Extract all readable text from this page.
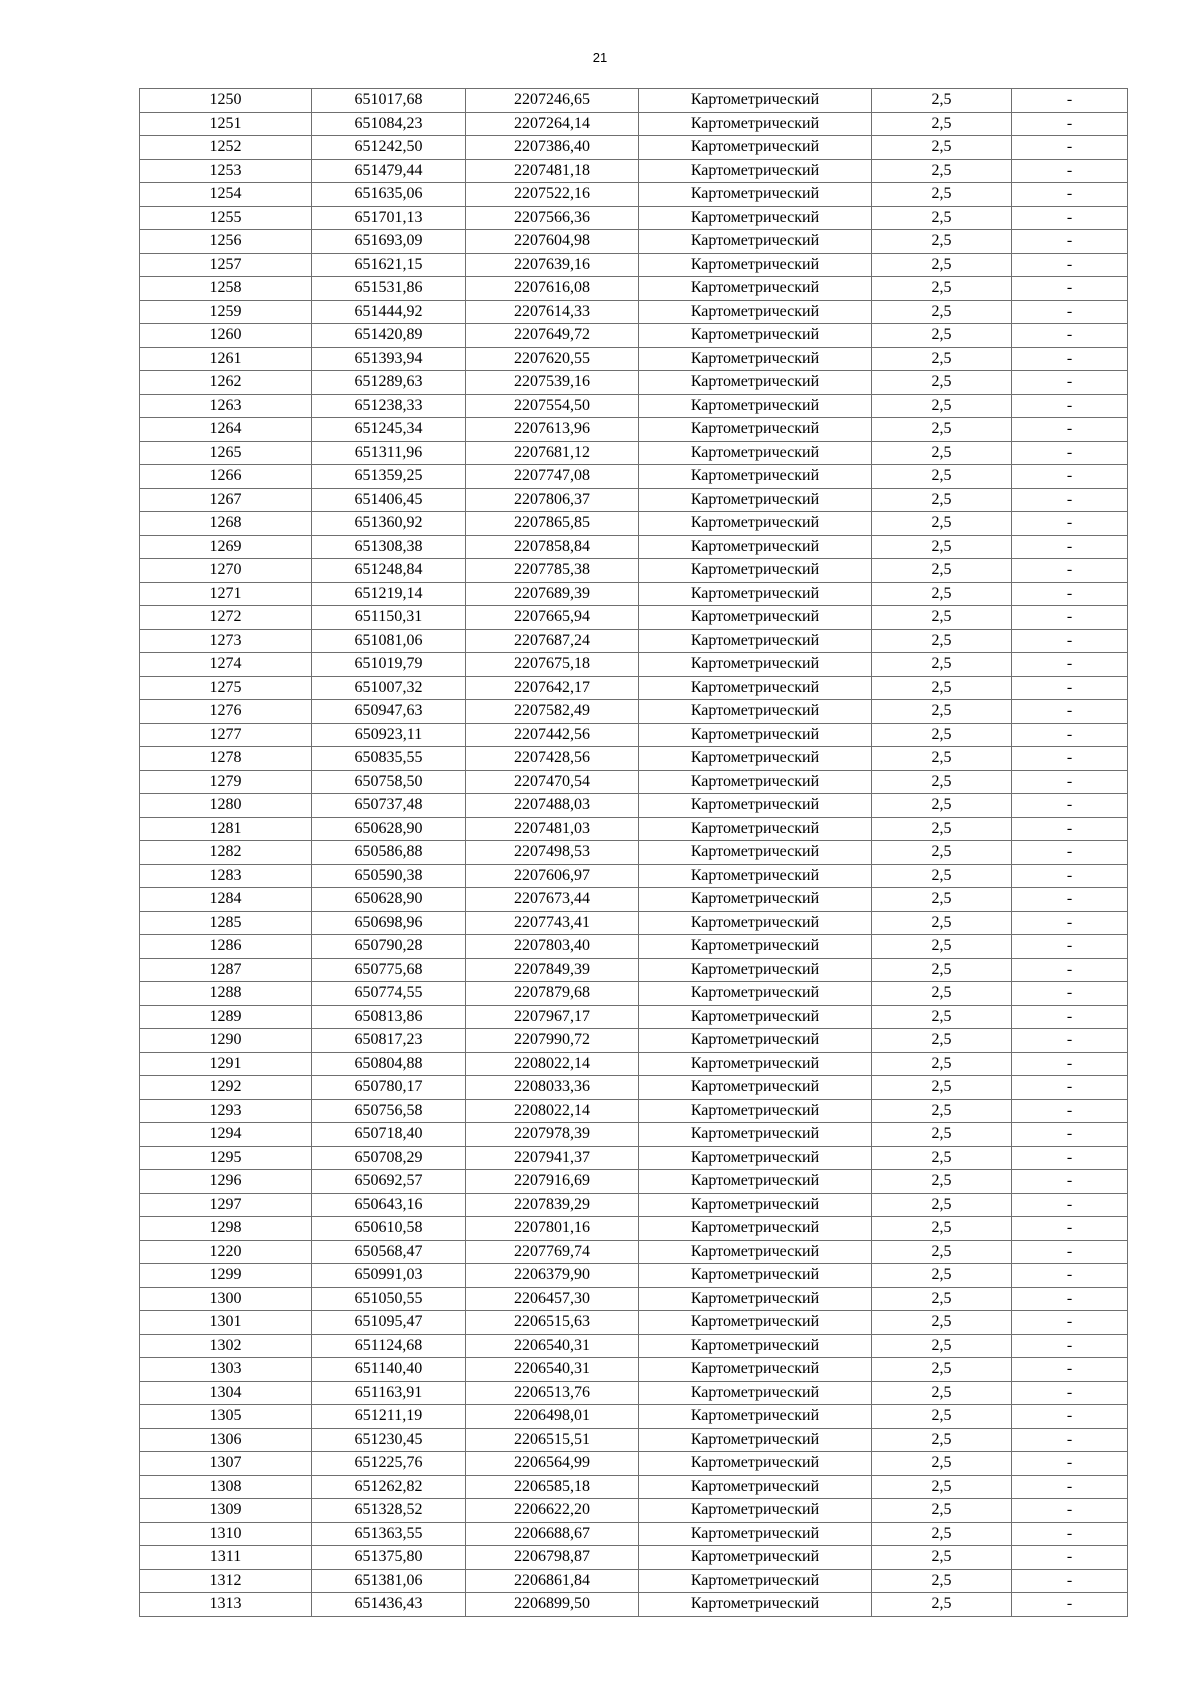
21
1250	651017,68	2207246,65	Картометрический	2,5	-
1251	651084,23	2207264,14	Картометрический	2,5	-
1252	651242,50	2207386,40	Картометрический	2,5	-
1253	651479,44	2207481,18	Картометрический	2,5	-
1254	651635,06	2207522,16	Картометрический	2,5	-
1255	651701,13	2207566,36	Картометрический	2,5	-
1256	651693,09	2207604,98	Картометрический	2,5	-
1257	651621,15	2207639,16	Картометрический	2,5	-
1258	651531,86	2207616,08	Картометрический	2,5	-
1259	651444,92	2207614,33	Картометрический	2,5	-
1260	651420,89	2207649,72	Картометрический	2,5	-
1261	651393,94	2207620,55	Картометрический	2,5	-
1262	651289,63	2207539,16	Картометрический	2,5	-
1263	651238,33	2207554,50	Картометрический	2,5	-
1264	651245,34	2207613,96	Картометрический	2,5	-
1265	651311,96	2207681,12	Картометрический	2,5	-
1266	651359,25	2207747,08	Картометрический	2,5	-
1267	651406,45	2207806,37	Картометрический	2,5	-
1268	651360,92	2207865,85	Картометрический	2,5	-
1269	651308,38	2207858,84	Картометрический	2,5	-
1270	651248,84	2207785,38	Картометрический	2,5	-
1271	651219,14	2207689,39	Картометрический	2,5	-
1272	651150,31	2207665,94	Картометрический	2,5	-
1273	651081,06	2207687,24	Картометрический	2,5	-
1274	651019,79	2207675,18	Картометрический	2,5	-
1275	651007,32	2207642,17	Картометрический	2,5	-
1276	650947,63	2207582,49	Картометрический	2,5	-
1277	650923,11	2207442,56	Картометрический	2,5	-
1278	650835,55	2207428,56	Картометрический	2,5	-
1279	650758,50	2207470,54	Картометрический	2,5	-
1280	650737,48	2207488,03	Картометрический	2,5	-
1281	650628,90	2207481,03	Картометрический	2,5	-
1282	650586,88	2207498,53	Картометрический	2,5	-
1283	650590,38	2207606,97	Картометрический	2,5	-
1284	650628,90	2207673,44	Картометрический	2,5	-
1285	650698,96	2207743,41	Картометрический	2,5	-
1286	650790,28	2207803,40	Картометрический	2,5	-
1287	650775,68	2207849,39	Картометрический	2,5	-
1288	650774,55	2207879,68	Картометрический	2,5	-
1289	650813,86	2207967,17	Картометрический	2,5	-
1290	650817,23	2207990,72	Картометрический	2,5	-
1291	650804,88	2208022,14	Картометрический	2,5	-
1292	650780,17	2208033,36	Картометрический	2,5	-
1293	650756,58	2208022,14	Картометрический	2,5	-
1294	650718,40	2207978,39	Картометрический	2,5	-
1295	650708,29	2207941,37	Картометрический	2,5	-
1296	650692,57	2207916,69	Картометрический	2,5	-
1297	650643,16	2207839,29	Картометрический	2,5	-
1298	650610,58	2207801,16	Картометрический	2,5	-
1220	650568,47	2207769,74	Картометрический	2,5	-
1299	650991,03	2206379,90	Картометрический	2,5	-
1300	651050,55	2206457,30	Картометрический	2,5	-
1301	651095,47	2206515,63	Картометрический	2,5	-
1302	651124,68	2206540,31	Картометрический	2,5	-
1303	651140,40	2206540,31	Картометрический	2,5	-
1304	651163,91	2206513,76	Картометрический	2,5	-
1305	651211,19	2206498,01	Картометрический	2,5	-
1306	651230,45	2206515,51	Картометрический	2,5	-
1307	651225,76	2206564,99	Картометрический	2,5	-
1308	651262,82	2206585,18	Картометрический	2,5	-
1309	651328,52	2206622,20	Картометрический	2,5	-
1310	651363,55	2206688,67	Картометрический	2,5	-
1311	651375,80	2206798,87	Картометрический	2,5	-
1312	651381,06	2206861,84	Картометрический	2,5	-
1313	651436,43	2206899,50	Картометрический	2,5	-
